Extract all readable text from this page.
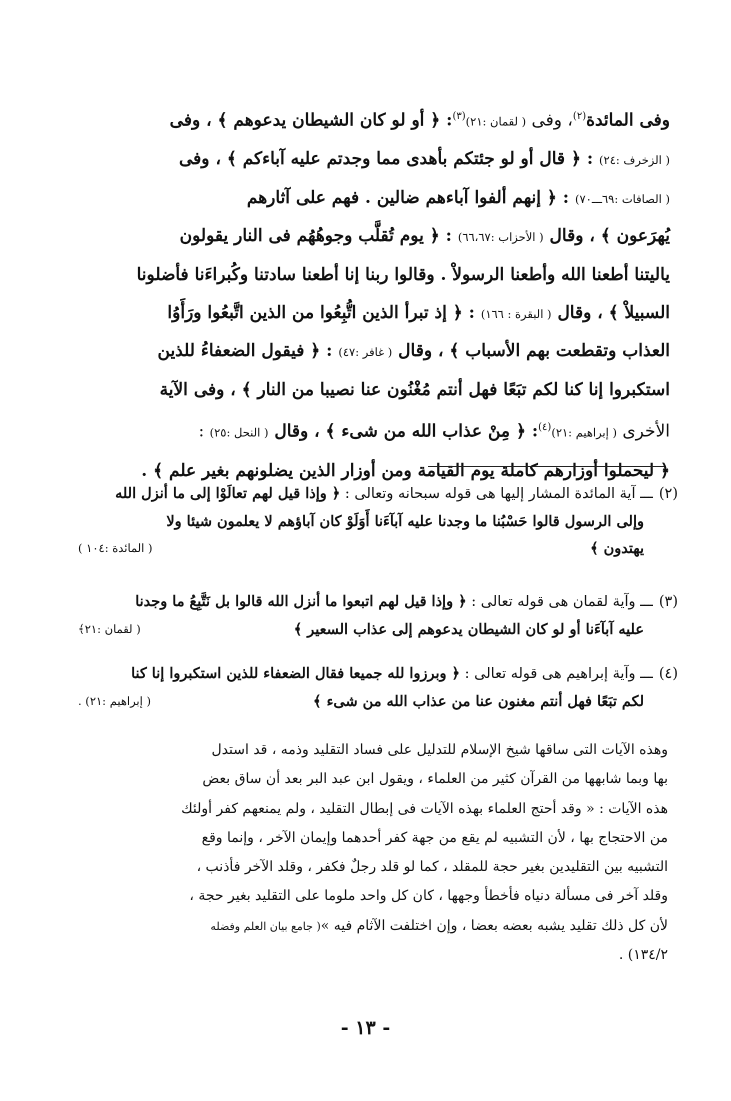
وفى المائدة$^{(٢)}$، وفى ( لقمان :٢١)$^{(٣)}$: ﴿ أو لو كان الشيطان يدعوهم ﴾ ، وفى
( الزخرف :٢٤) : ﴿ قال أو لو جئتكم بأهدى مما وجدتم عليه آباءكم ﴾ ، وفى
( الصافات :٦٩ـــ٧٠) : ﴿ إنهم ألفوا آباءهم ضالين . فهم على آثارهم
يُهرَعون ﴾ ، وقال ( الأحزاب :٦٦،٦٧) : ﴿ يوم تُقلَّب وجوهُهُم فى النار يقولون
ياليتنا أطعنا الله وأطعنا الرسولاْ . وقالوا ربنا إنا أطعنا سادتنا وكُبراءَنا فأضلونا
السبيلاْ ﴾ ، وقال ( البقرة : ١٦٦) : ﴿ إذ تبرأ الذين اتُّبِعُوا من الذين اتَّبعُوا ورَأَوُا
العذاب وتقطعت بهم الأسباب ﴾ ، وقال ( غافر :٤٧) : ﴿ فيقول الضعفاءُ للذين
استكبروا إنا كنا لكم تبَعًا فهل أنتم مُغْنُون عنا نصيبا من النار ﴾ ، وفى الآية
الأخرى ( إبراهيم :٢١)$^{(٤)}$: ﴿ مِنْ عذاب الله من شىء ﴾ ، وقال ( النحل :٢٥) :
﴿ ليحملوا أوزارهم كاملة يوم القيامة ومن أوزار الذين يضلونهم بغير علم ﴾ .
(٢)ـــ آية المائدة المشار إليها هى قوله سبحانه وتعالى : ﴿ وإذا قيل لهم تعالَوْا إلى ما أنزل الله
وإلى الرسول قالوا حَسْبُنا ما وجدنا عليه آبآءَنا أَوَلَوْ كان آباؤهم لا يعلمون شيئا ولا
يهتدون ﴾
( المائدة :١٠٤ )
(٣)ـــ وآية لقمان هى قوله تعالى : ﴿ وإذا قيل لهم اتبعوا ما أنزل الله قالوا بل نَتَّبِعُ ما وجدنا
عليه آبآءَنا أو لو كان الشيطان يدعوهم إلى عذاب السعير ﴾
( لقمان :٢١﴾
(٤)ـــ وآية إبراهيم هى قوله تعالى : ﴿ وبرزوا لله جميعا فقال الضعفاء للذين استكبروا إنا كنا
لكم تبَعًا فهل أنتم مغنون عنا من عذاب الله من شىء ﴾
( إبراهيم :٢١) .
وهذه الآيات التى ساقها شيخ الإسلام للتدليل على فساد التقليد وذمه ، قد استدل
بها وبما شابهها من القرآن كثير من العلماء ، ويقول ابن عبد البر بعد أن ساق بعض
هذه الآيات : « وقد أحتج العلماء بهذه الآيات فى إبطال التقليد ، ولم يمنعهم كفر أولئك
من الاحتجاج بها ، لأن التشبيه لم يقع من جهة كفر أحدهما وإيمان الآخر ، وإنما وقع
التشبيه بين التقليدين بغير حجة للمقلد ، كما لو قلد رجلٌ فكفر ، وقلد الآخر فأذنب ،
وقلد آخر فى مسألة دنياه فأخطأ وجهها ، كان كل واحد ملوما على التقليد بغير حجة ،
لأن كل ذلك تقليد يشبه بعضه بعضا ، وإن اختلفت الآثام فيه »( جامع بيان العلم وفضله
١٣٤/٢) .
- ١٣ -
